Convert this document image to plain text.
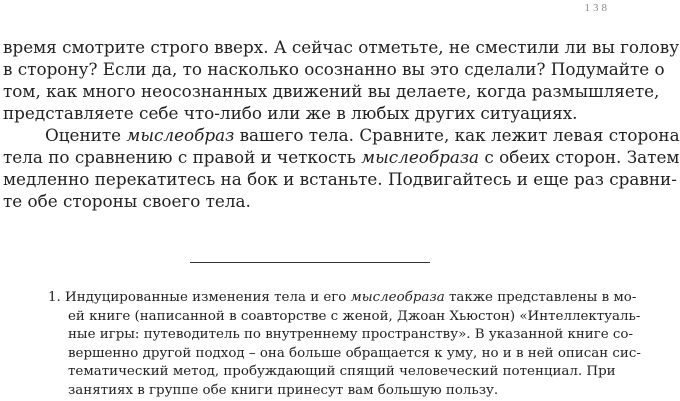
138

время смотрите строго вверх. А сейчас отметьте, не сместили ли вы голову
в сторону? Если да, то насколько осознанно вы это сделали? Подумайте о
том, как много неосознанных движений вы делаете, когда размышляете,
представляете себе что-либо или же в любых других ситуациях.

Оцените мыслеобраз вашего тела. Сравните, как лежит левая сторона
тела по сравнению с правой и четкость мыслеобраза с обеих сторон. Затем
медленно перекатитесь на бок и встаньте. Подвигайтесь и еще раз сравни-
те обе стороны своего тела.

1. Индуцированные изменения тела и его мыслеобраза также представлены в мо-
ей книге (написанной в соавторстве с женой, Джоан Хьюстон) «Интеллектуаль-
ные игры: путеводитель по внутреннему пространству». В указанной книге со-
вершенно другой подход – она больше обращается к уму, но и в ней описан сис-
тематический метод, пробуждающий спящий человеческий потенциал. При
занятиях в группе обе книги принесут вам большую пользу.
